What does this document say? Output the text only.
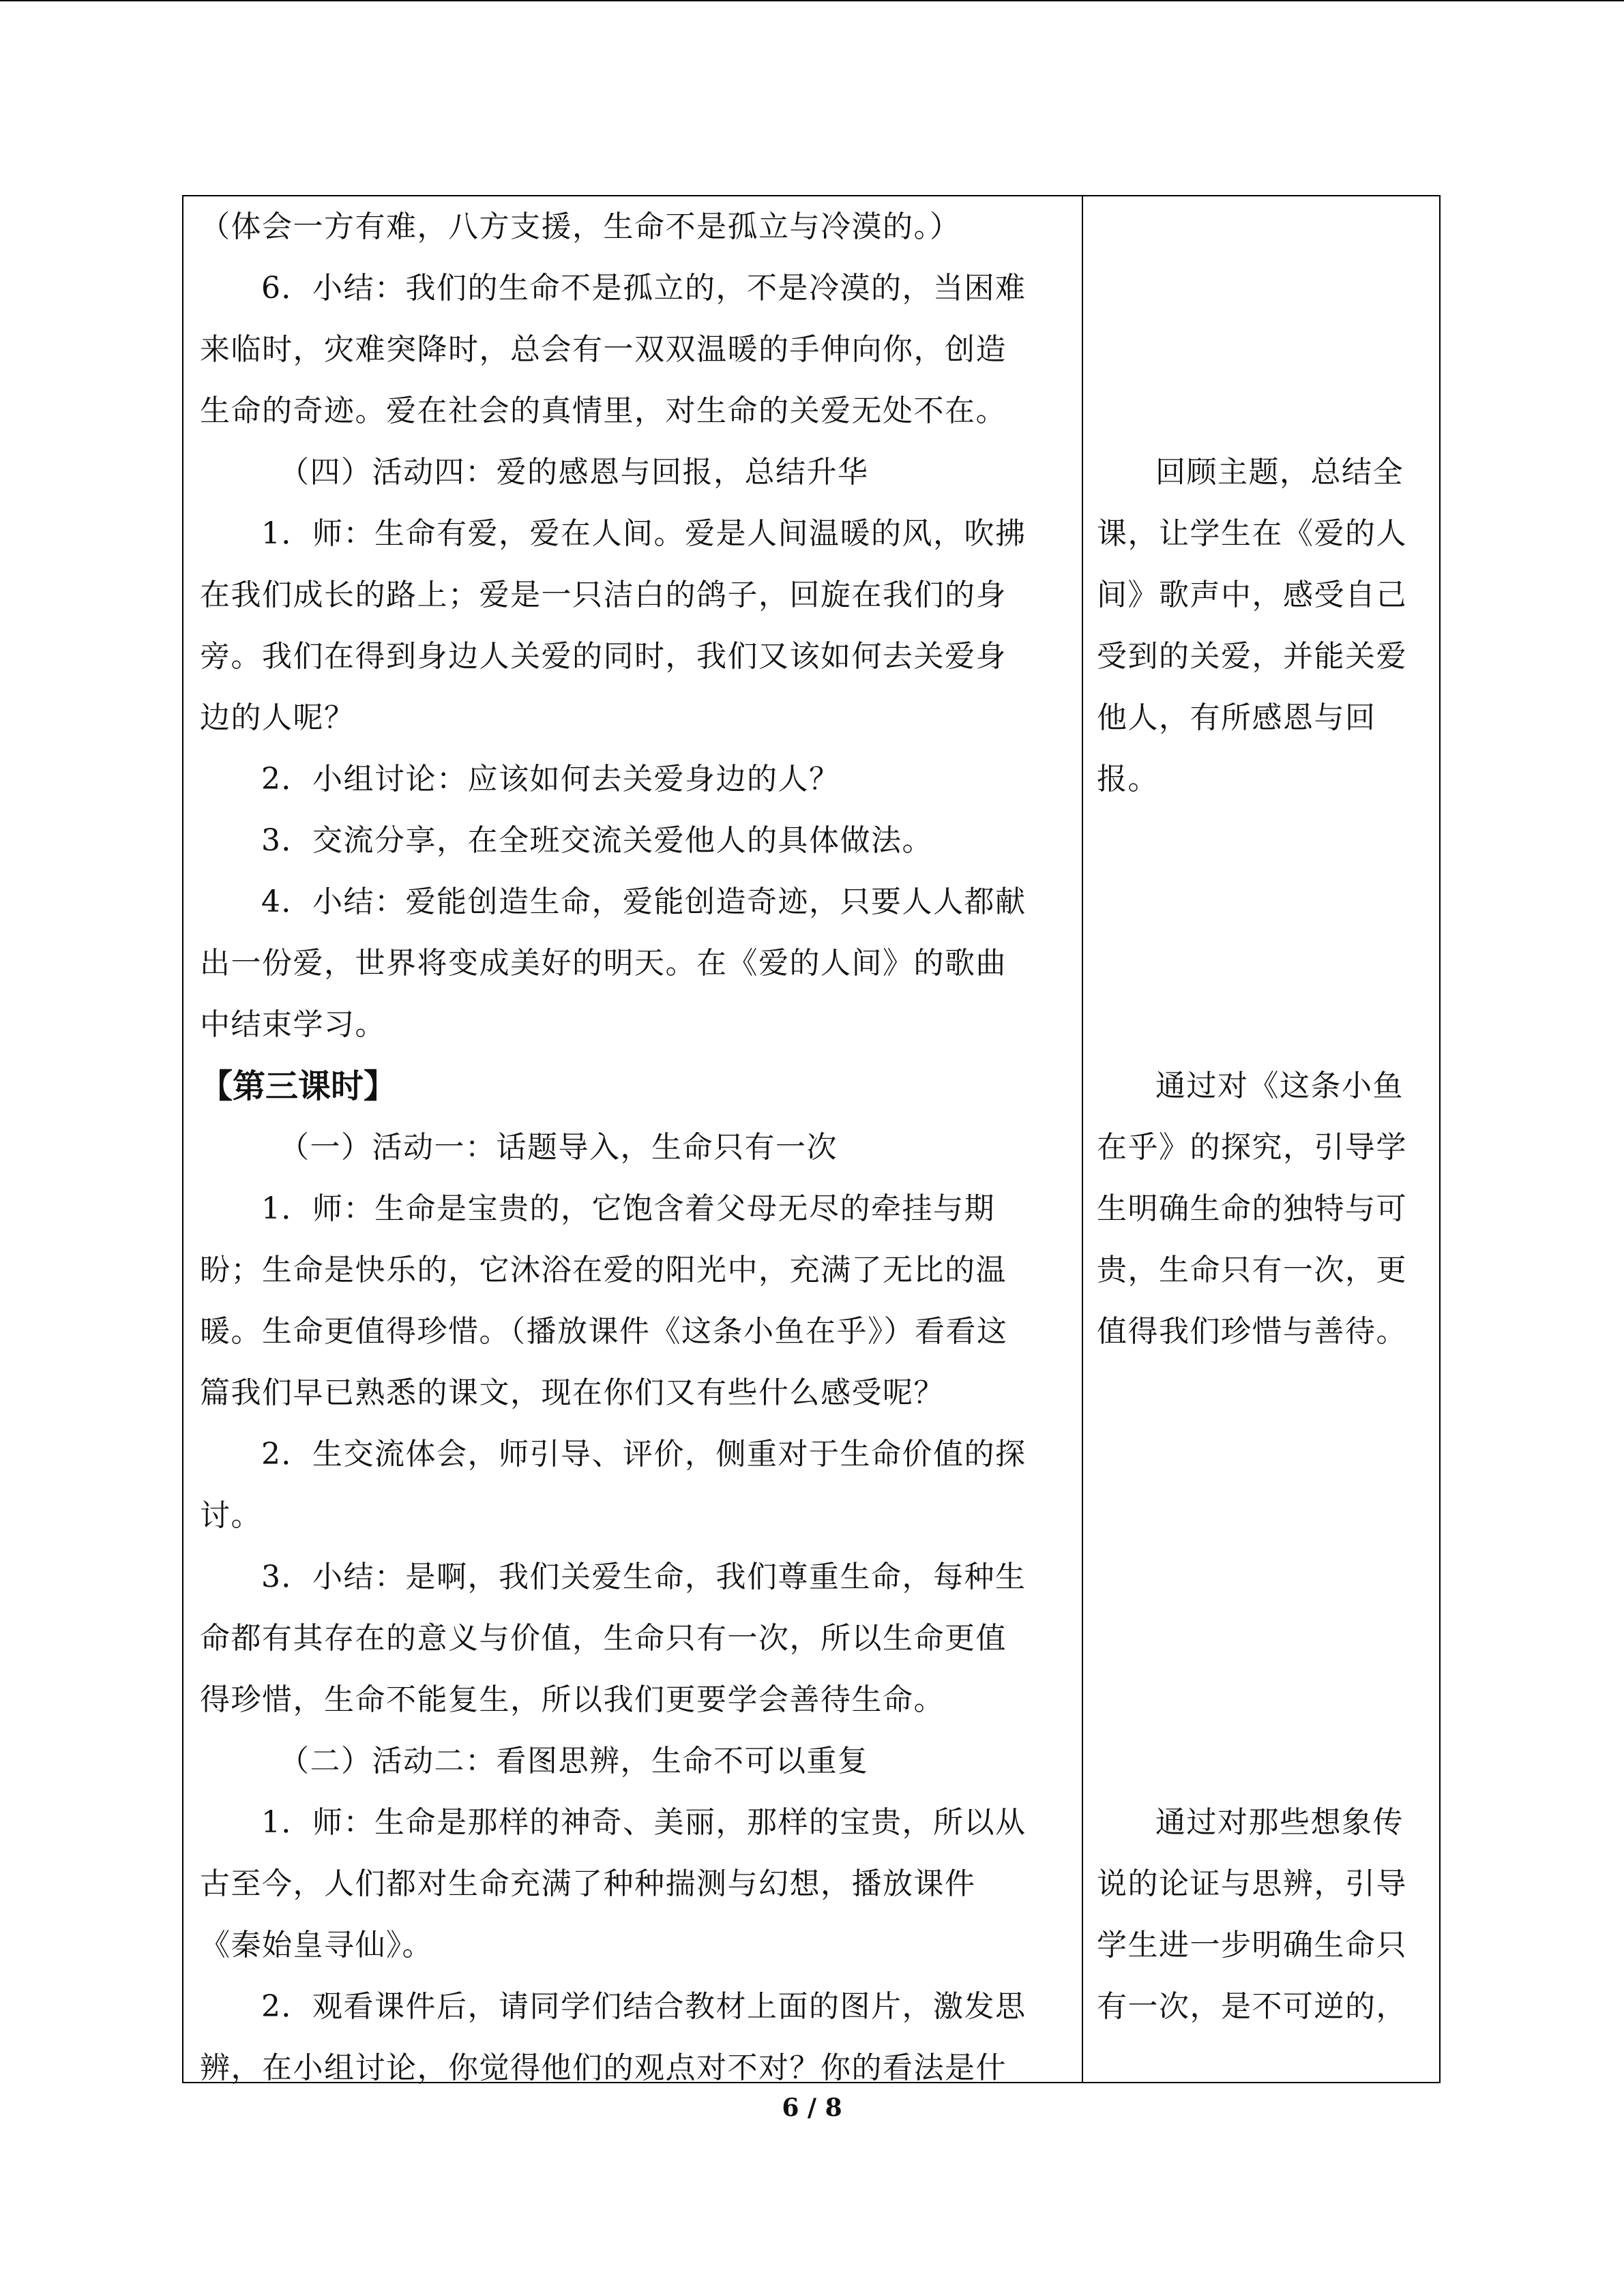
（体会一方有难，八方支援，生命不是孤立与冷漠的。）
6．小结：我们的生命不是孤立的，不是冷漠的，当困难
来临时，灾难突降时，总会有一双双温暖的手伸向你，创造
生命的奇迹。爱在社会的真情里，对生命的关爱无处不在。
（四）活动四：爱的感恩与回报，总结升华
1．师：生命有爱，爱在人间。爱是人间温暖的风，吹拂
在我们成长的路上；爱是一只洁白的鸽子，回旋在我们的身
旁。我们在得到身边人关爱的同时，我们又该如何去关爱身
边的人呢？
2．小组讨论：应该如何去关爱身边的人？
3．交流分享，在全班交流关爱他人的具体做法。
4．小结：爱能创造生命，爱能创造奇迹，只要人人都献
出一份爱，世界将变成美好的明天。在《爱的人间》的歌曲
中结束学习。
【第三课时】
（一）活动一：话题导入，生命只有一次
1．师：生命是宝贵的，它饱含着父母无尽的牵挂与期
盼；生命是快乐的，它沐浴在爱的阳光中，充满了无比的温
暖。生命更值得珍惜。（播放课件《这条小鱼在乎》）看看这
篇我们早已熟悉的课文，现在你们又有些什么感受呢？
2．生交流体会，师引导、评价，侧重对于生命价值的探
讨。
3．小结：是啊，我们关爱生命，我们尊重生命，每种生
命都有其存在的意义与价值，生命只有一次，所以生命更值
得珍惜，生命不能复生，所以我们更要学会善待生命。
（二）活动二：看图思辨，生命不可以重复
1．师：生命是那样的神奇、美丽，那样的宝贵，所以从
古至今，人们都对生命充满了种种揣测与幻想，播放课件
《秦始皇寻仙》。
2．观看课件后，请同学们结合教材上面的图片，激发思
辨，在小组讨论，你觉得他们的观点对不对？你的看法是什
回顾主题，总结全
课，让学生在《爱的人
间》歌声中，感受自己
受到的关爱，并能关爱
他人，有所感恩与回
报。
通过对《这条小鱼
在乎》的探究，引导学
生明确生命的独特与可
贵，生命只有一次，更
值得我们珍惜与善待。
通过对那些想象传
说的论证与思辨，引导
学生进一步明确生命只
有一次，是不可逆的，
6 / 8
